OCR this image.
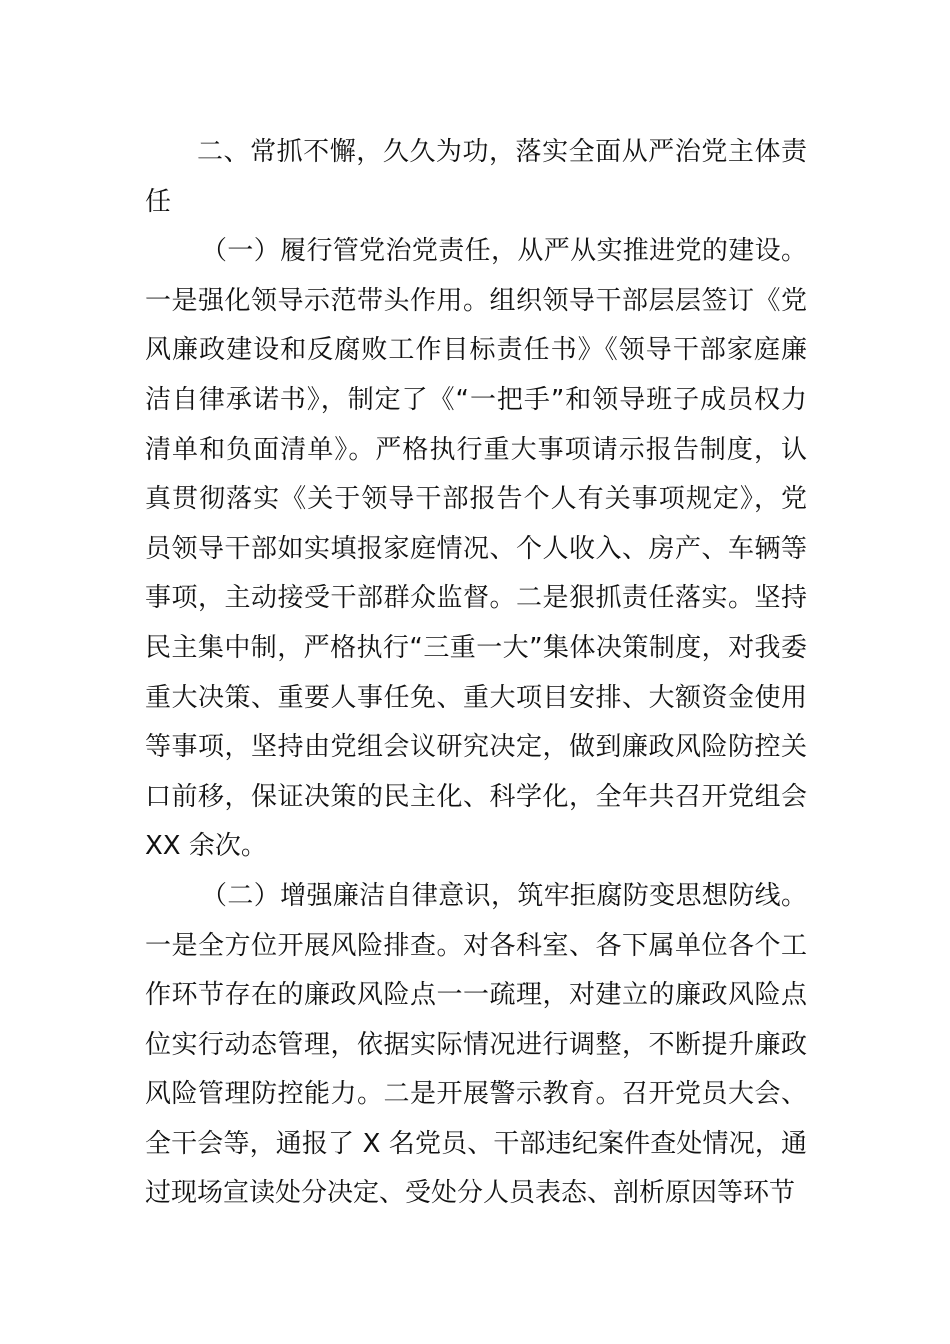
二、常抓不懈，久久为功，落实全面从严治党主体责任

（一）履行管党治党责任，从严从实推进党的建设。一是强化领导示范带头作用。组织领导干部层层签订《党风廉政建设和反腐败工作目标责任书》《领导干部家庭廉洁自律承诺书》，制定了《“一把手”和领导班子成员权力清单和负面清单》。严格执行重大事项请示报告制度，认真贯彻落实《关于领导干部报告个人有关事项规定》，党员领导干部如实填报家庭情况、个人收入、房产、车辆等事项，主动接受干部群众监督。二是狠抓责任落实。坚持民主集中制，严格执行“三重一大”集体决策制度，对我委重大决策、重要人事任免、重大项目安排、大额资金使用等事项，坚持由党组会议研究决定，做到廉政风险防控关口前移，保证决策的民主化、科学化，全年共召开党组会 XX 余次。

（二）增强廉洁自律意识，筑牢拒腐防变思想防线。一是全方位开展风险排查。对各科室、各下属单位各个工作环节存在的廉政风险点一一疏理，对建立的廉政风险点位实行动态管理，依据实际情况进行调整，不断提升廉政风险管理防控能力。二是开展警示教育。召开党员大会、全干会等，通报了 X 名党员、干部违纪案件查处情况，通过现场宣读处分决定、受处分人员表态、剖析原因等环节
